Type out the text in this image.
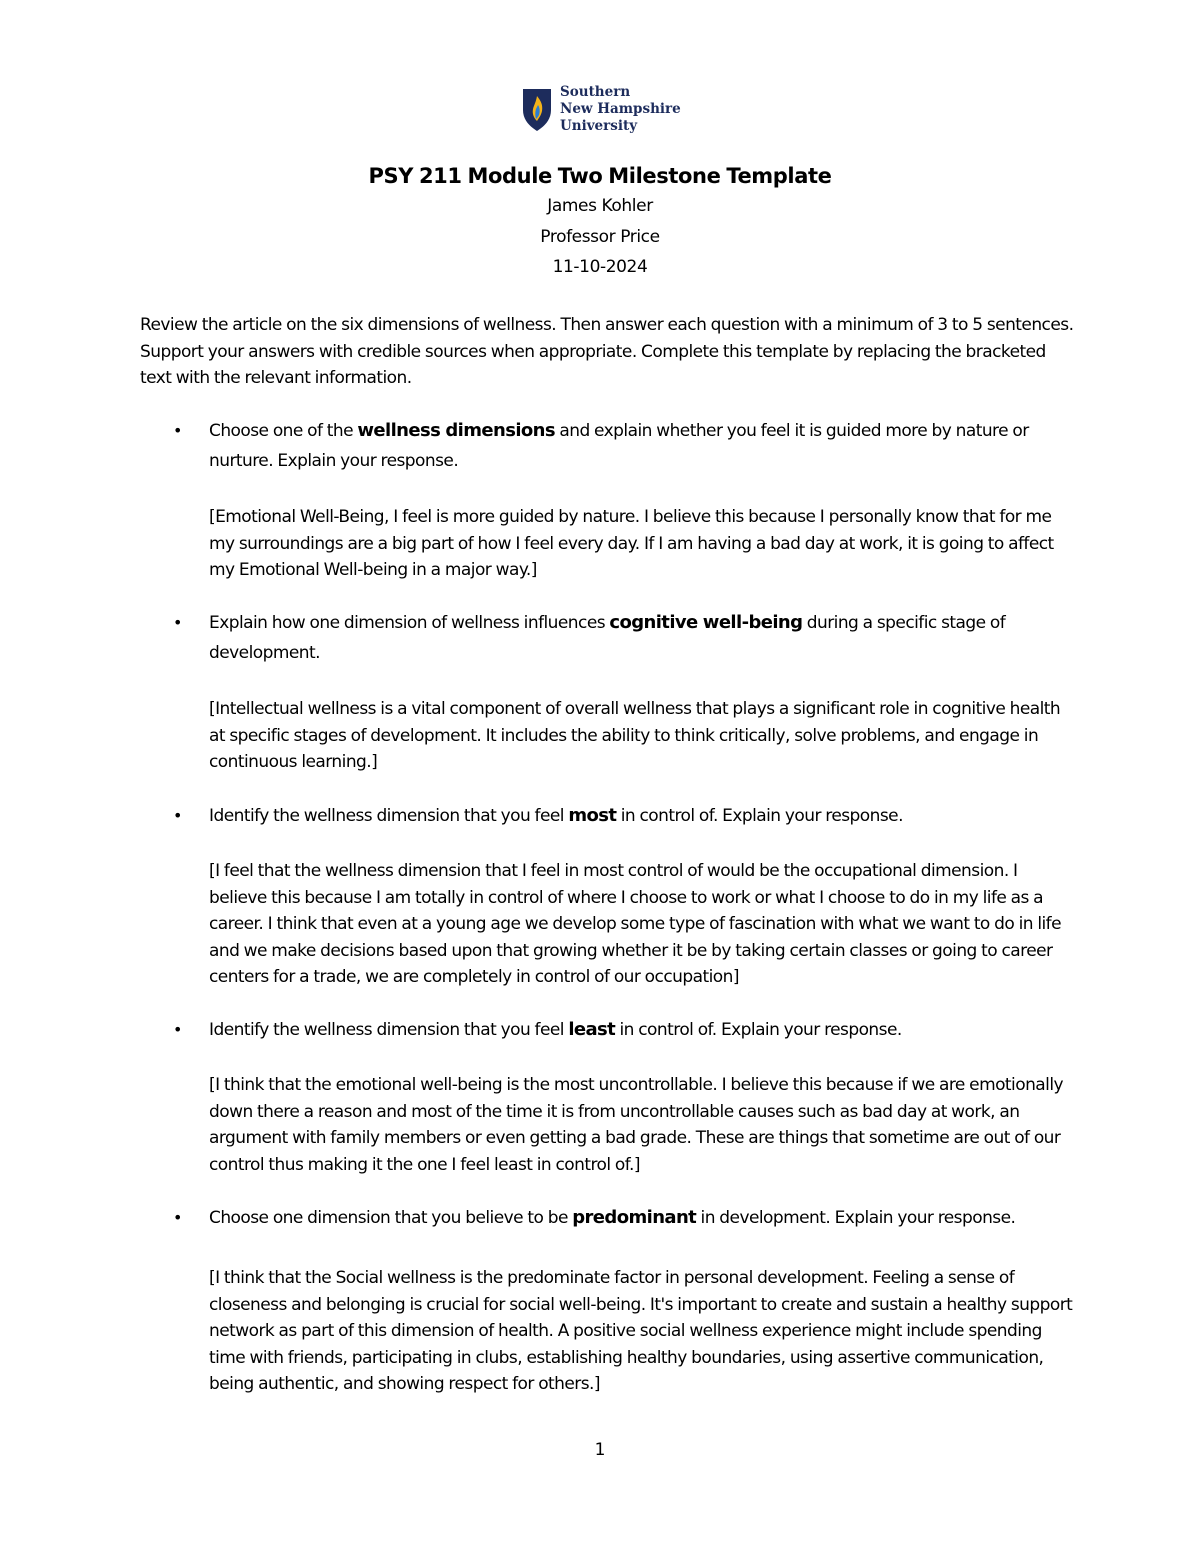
Southern
New Hampshire
University
PSY 211 Module Two Milestone Template
James Kohler
Professor Price
11-10-2024
Review the article on the six dimensions of wellness. Then answer each question with a minimum of 3 to 5 sentences. Support your answers with credible sources when appropriate. Complete this template by replacing the bracketed text with the relevant information.
• Choose one of the wellness dimensions and explain whether you feel it is guided more by nature or nurture. Explain your response.
[Emotional Well-Being, I feel is more guided by nature. I believe this because I personally know that for me my surroundings are a big part of how I feel every day. If I am having a bad day at work, it is going to affect my Emotional Well-being in a major way.]
• Explain how one dimension of wellness influences cognitive well-being during a specific stage of development.
[Intellectual wellness is a vital component of overall wellness that plays a significant role in cognitive health at specific stages of development. It includes the ability to think critically, solve problems, and engage in continuous learning.]
• Identify the wellness dimension that you feel most in control of. Explain your response.
[I feel that the wellness dimension that I feel in most control of would be the occupational dimension. I believe this because I am totally in control of where I choose to work or what I choose to do in my life as a career. I think that even at a young age we develop some type of fascination with what we want to do in life and we make decisions based upon that growing whether it be by taking certain classes or going to career centers for a trade, we are completely in control of our occupation]
• Identify the wellness dimension that you feel least in control of. Explain your response.
[I think that the emotional well-being is the most uncontrollable. I believe this because if we are emotionally down there a reason and most of the time it is from uncontrollable causes such as bad day at work, an argument with family members or even getting a bad grade. These are things that sometime are out of our control thus making it the one I feel least in control of.]
• Choose one dimension that you believe to be predominant in development. Explain your response.
[I think that the Social wellness is the predominate factor in personal development. Feeling a sense of closeness and belonging is crucial for social well-being. It's important to create and sustain a healthy support network as part of this dimension of health. A positive social wellness experience might include spending time with friends, participating in clubs, establishing healthy boundaries, using assertive communication, being authentic, and showing respect for others.]
1
